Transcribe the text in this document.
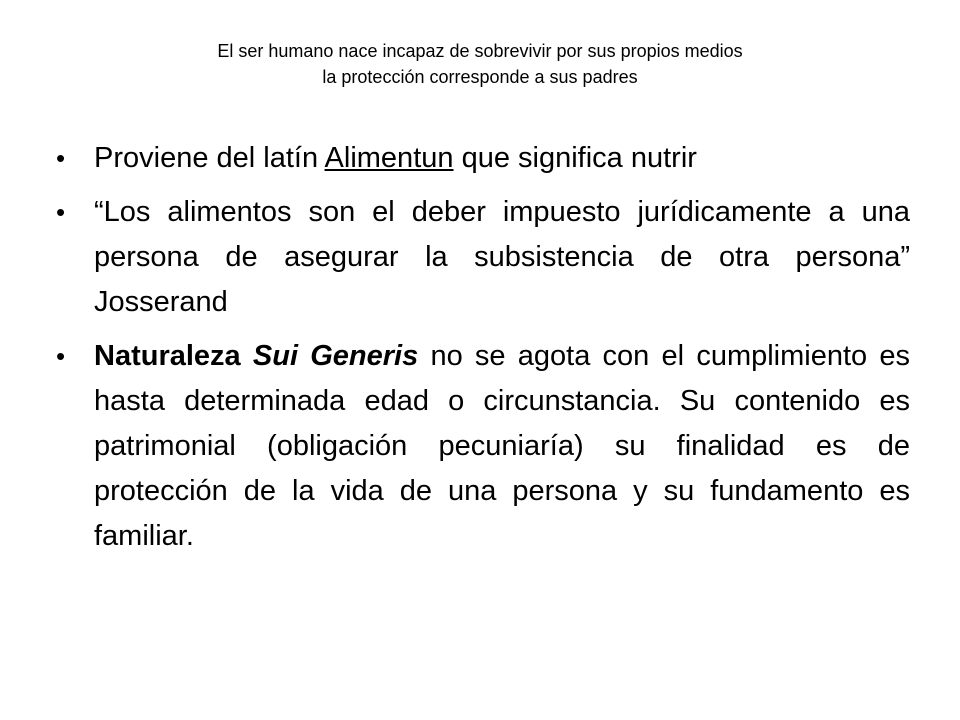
El ser humano nace incapaz de sobrevivir por sus propios medios
la protección corresponde a sus padres
• Proviene del latín Alimentun que significa nutrir
• “Los alimentos son el deber impuesto jurídicamente a una persona de asegurar la subsistencia de otra persona” Josserand
• Naturaleza Sui Generis no se agota con el cumplimiento es hasta determinada edad o circunstancia. Su contenido es patrimonial (obligación pecuniaría) su finalidad es de protección de la vida de una persona y su fundamento es familiar.
